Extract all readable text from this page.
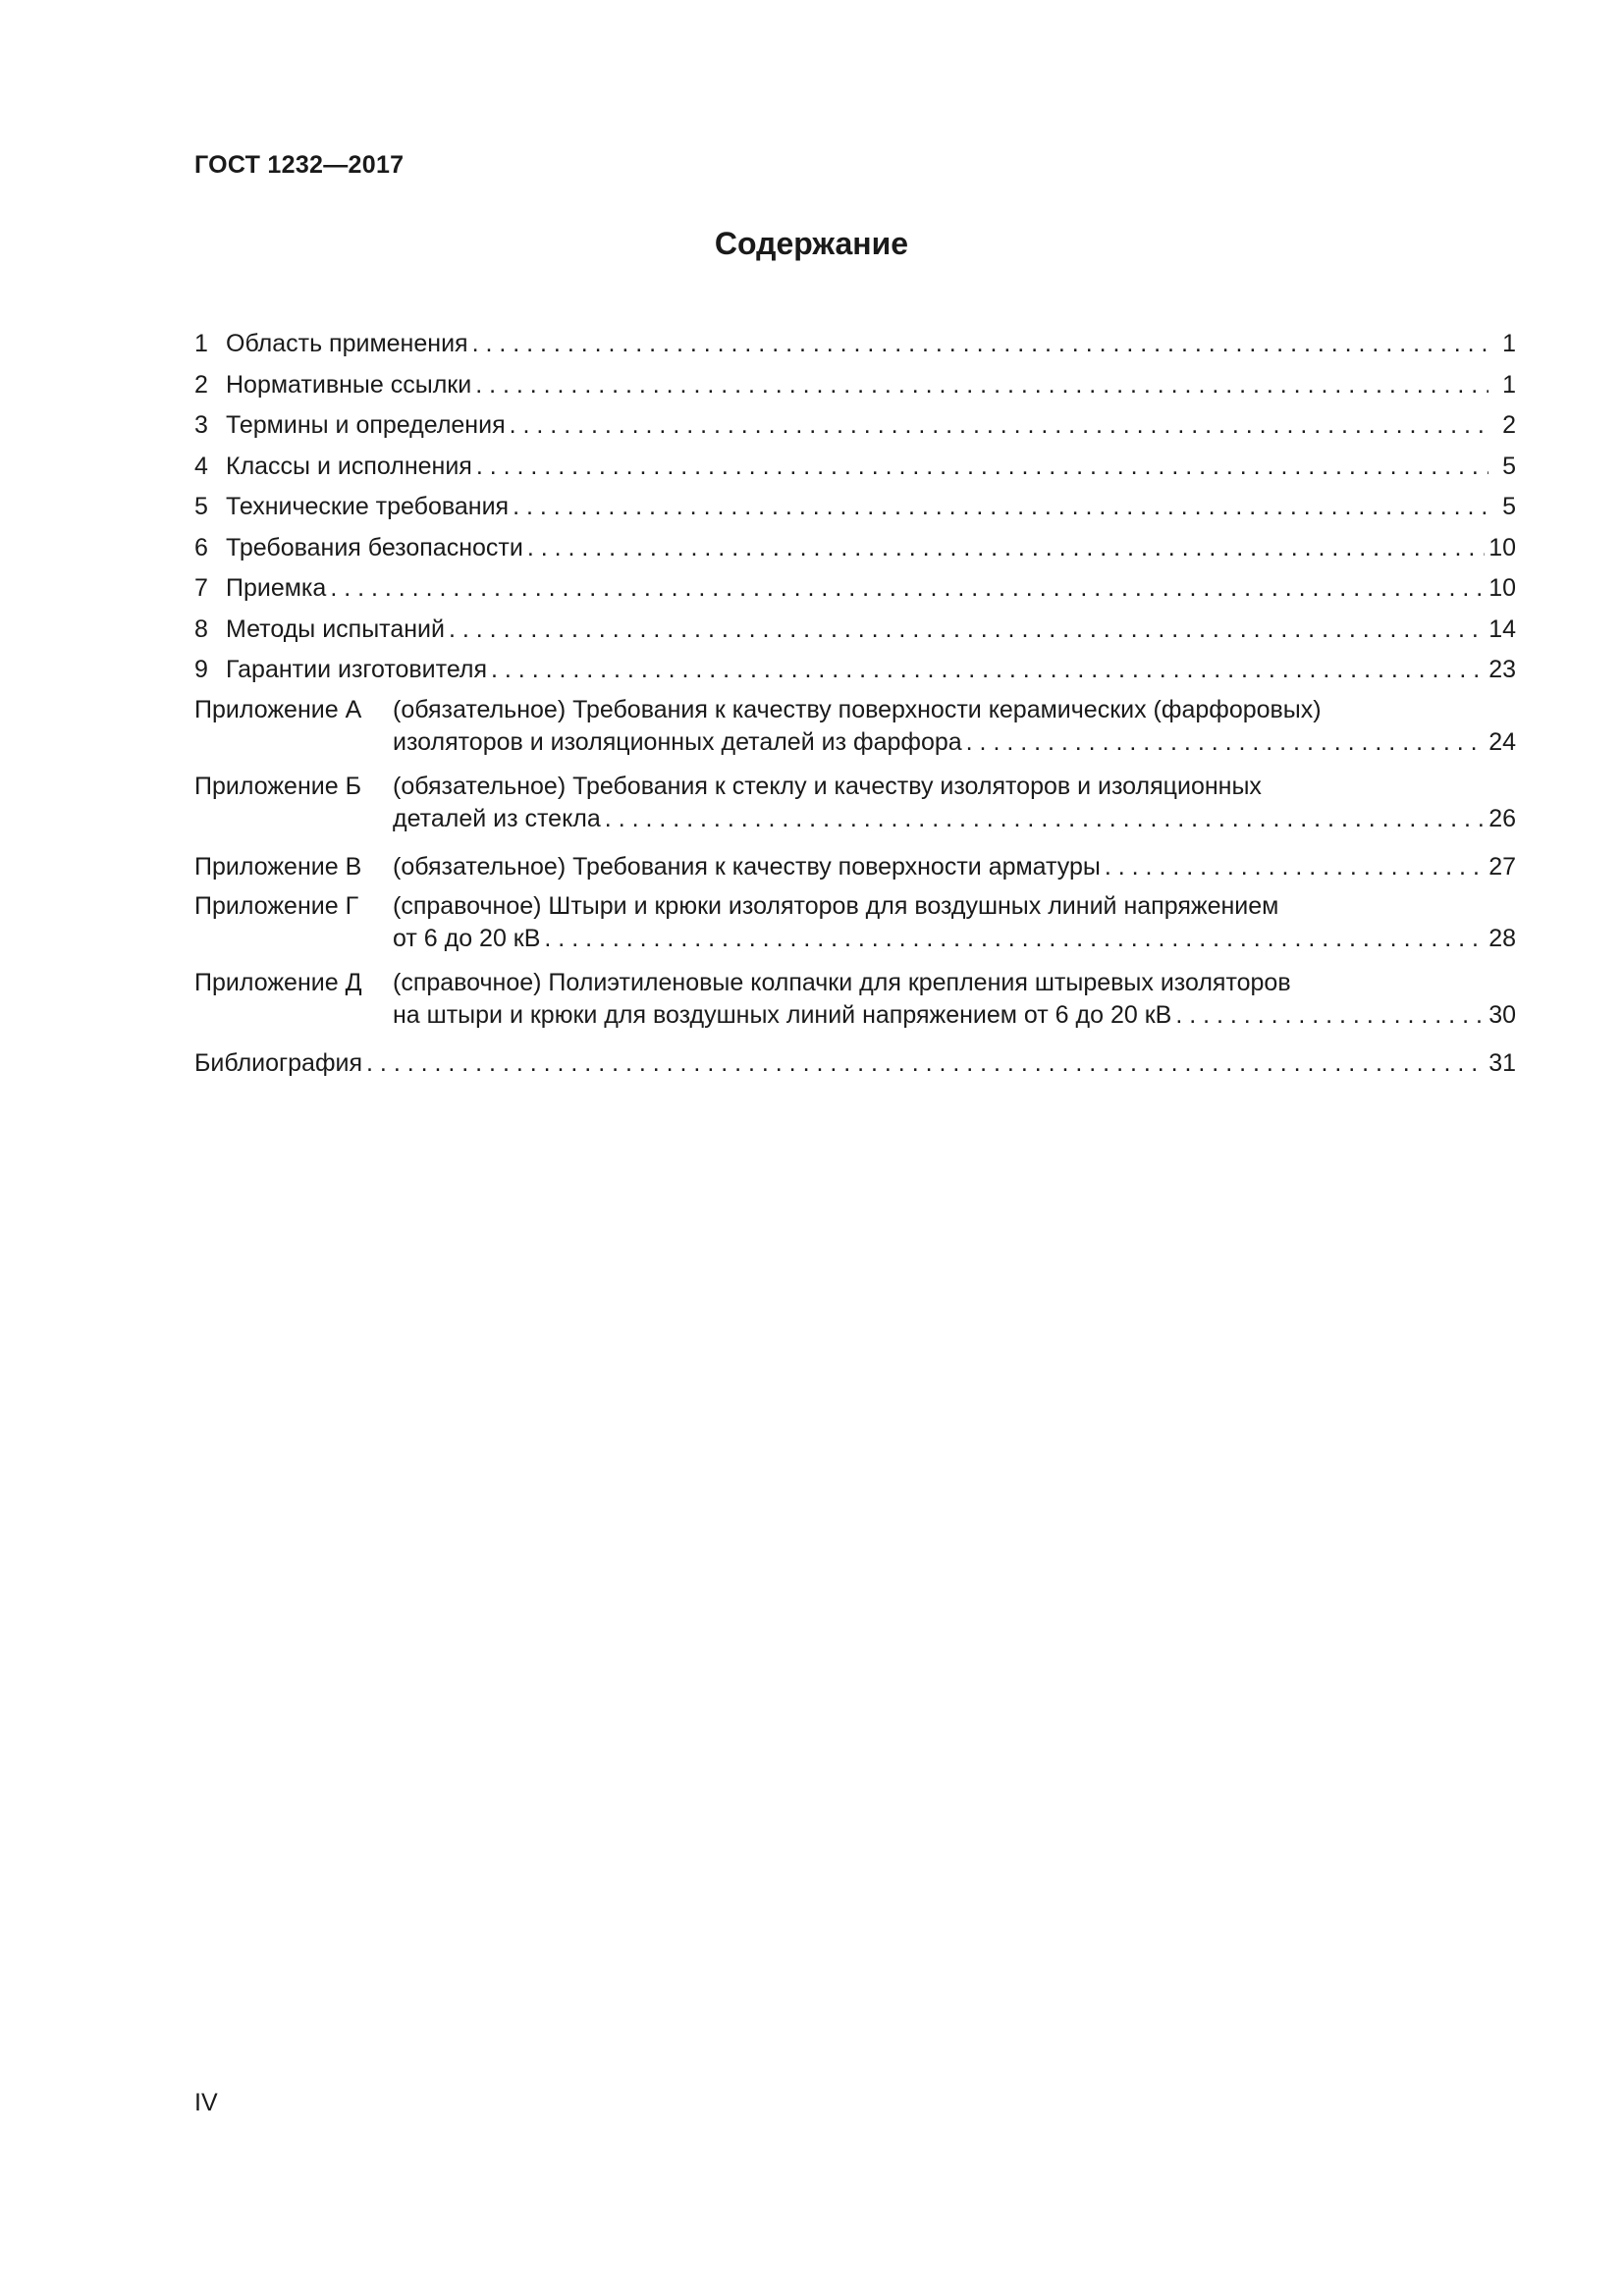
ГОСТ 1232—2017
Содержание
1 Область применения . . .	1
2 Нормативные ссылки . . .	1
3 Термины и определения . . .	2
4 Классы и исполнения . . .	5
5 Технические требования . . .	5
6 Требования безопасности . . .	10
7 Приемка . . .	10
8 Методы испытаний . . .	14
9 Гарантии изготовителя . . .	23
Приложение А	(обязательное) Требования к качеству поверхности керамических (фарфоровых)
изоляторов и изоляционных деталей из фарфора . . .	24
Приложение Б	(обязательное) Требования к стеклу и качеству изоляторов и изоляционных
деталей из стекла . . .	26
Приложение В	(обязательное) Требования к качеству поверхности арматуры . . .	27
Приложение Г	(справочное) Штыри и крюки изоляторов для воздушных линий напряжением
от 6 до 20 кВ . . .	28
Приложение Д	(справочное) Полиэтиленовые колпачки для крепления штыревых изоляторов
на штыри и крюки для воздушных линий напряжением от 6 до 20 кВ . . .	30
Библиография . . .	31
IV
